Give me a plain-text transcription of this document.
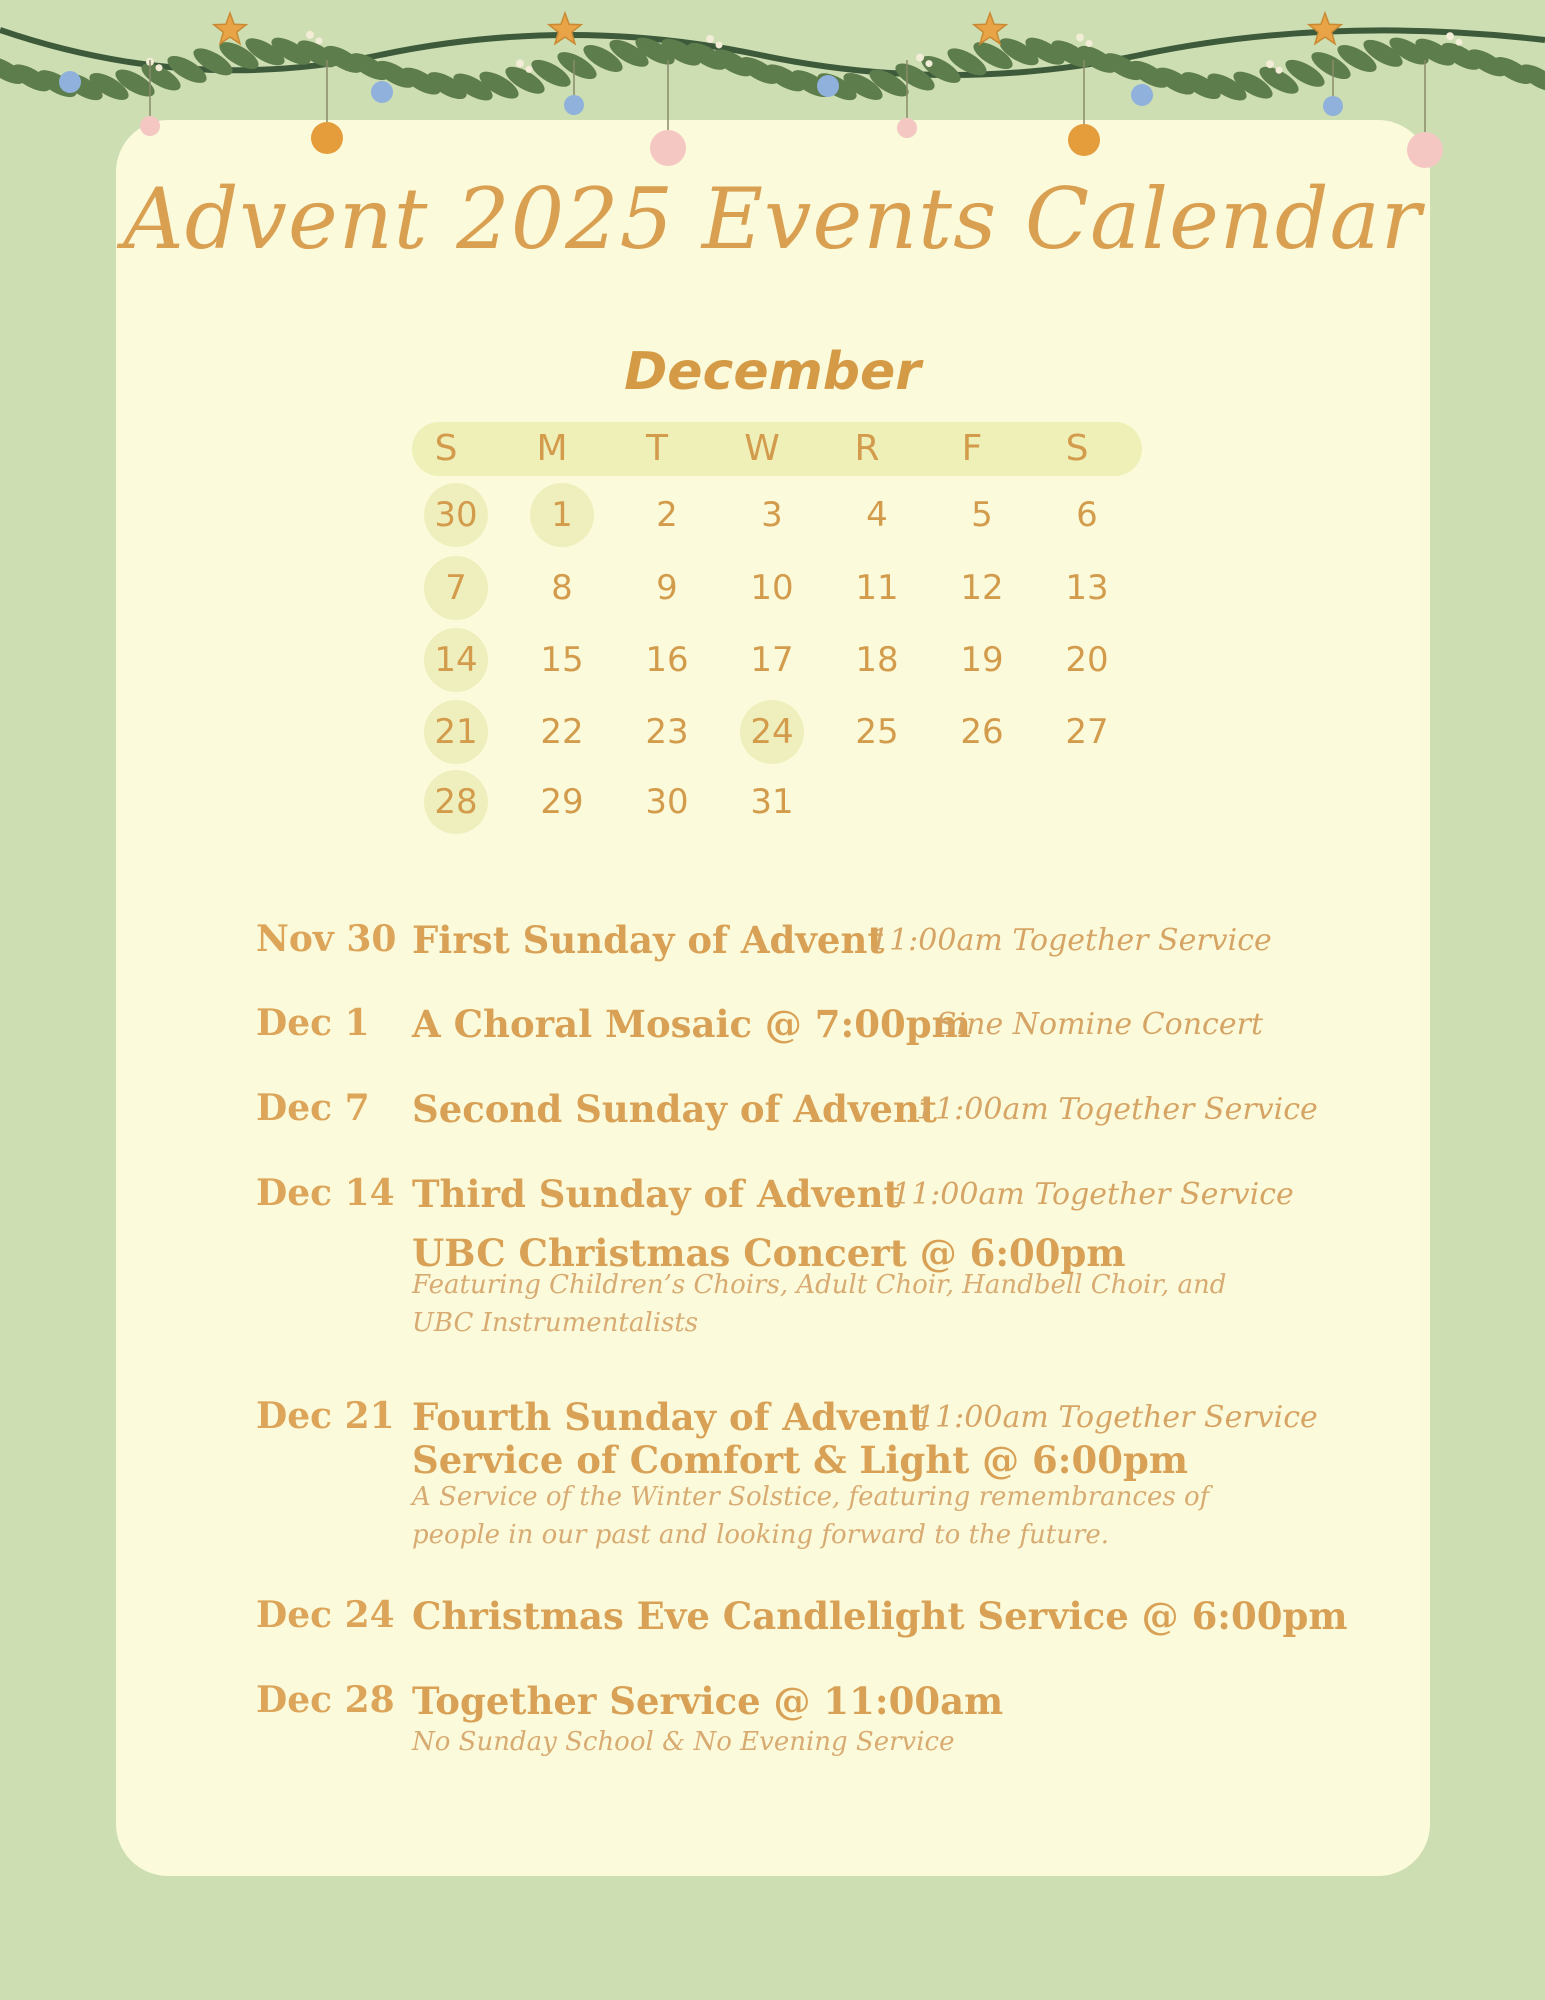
Advent 2025 Events Calendar
December
S	M	T	W	R	F	S
30	1	2	3	4	5	6
7	8	9	10	11	12	13
14	15	16	17	18	19	20
21	22	23	24	25	26	27
28	29	30	31
Nov 30 First Sunday of Advent
11:00am Together Service
Dec 1 A Choral Mosaic @ 7:00pm
Sine Nomine Concert
Dec 7 Second Sunday of Advent
11:00am Together Service
Dec 14 Third Sunday of Advent
11:00am Together Service
UBC Christmas Concert @ 6:00pm
Featuring Children’s Choirs, Adult Choir, Handbell Choir, and UBC Instrumentalists
Dec 21 Fourth Sunday of Advent
11:00am Together Service
Service of Comfort & Light @ 6:00pm
A Service of the Winter Solstice, featuring remembrances of people in our past and looking forward to the future.
Dec 24 Christmas Eve Candlelight Service @ 6:00pm
Dec 28 Together Service @ 11:00am
No Sunday School & No Evening Service
